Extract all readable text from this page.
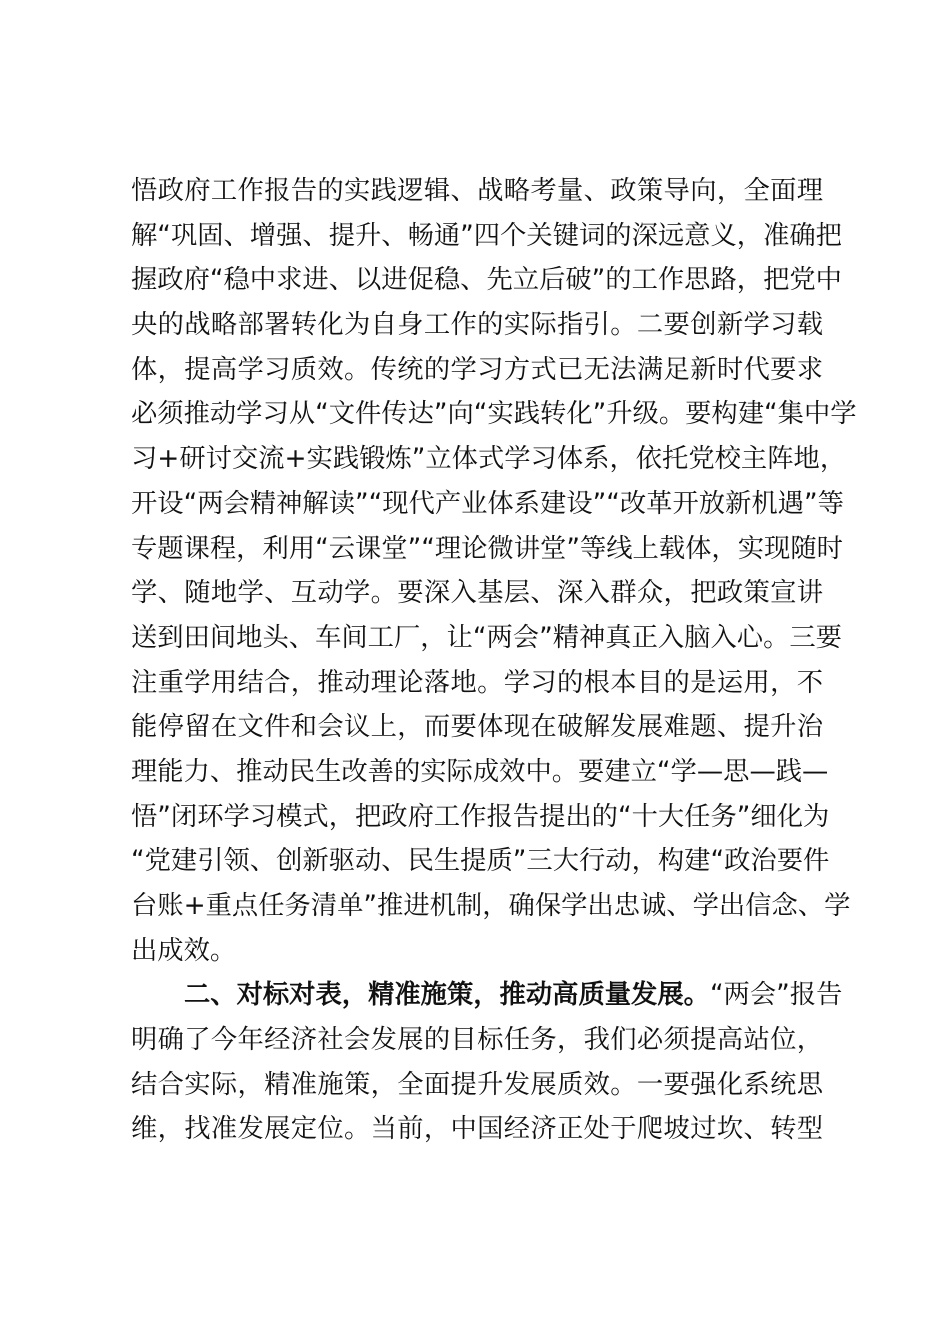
悟政府工作报告的实践逻辑、战略考量、政策导向，全面理
解“巩固、增强、提升、畅通”四个关键词的深远意义，准确把
握政府“稳中求进、以进促稳、先立后破”的工作思路，把党中
央的战略部署转化为自身工作的实际指引。二要创新学习载
体，提高学习质效。传统的学习方式已无法满足新时代要求
必须推动学习从“文件传达”向“实践转化”升级。要构建“集中学
习+研讨交流+实践锻炼”立体式学习体系，依托党校主阵地，
开设“两会精神解读”“现代产业体系建设”“改革开放新机遇”等
专题课程，利用“云课堂”“理论微讲堂”等线上载体，实现随时
学、随地学、互动学。要深入基层、深入群众，把政策宣讲
送到田间地头、车间工厂，让“两会”精神真正入脑入心。三要
注重学用结合，推动理论落地。学习的根本目的是运用，不
能停留在文件和会议上，而要体现在破解发展难题、提升治
理能力、推动民生改善的实际成效中。要建立“学—思—践—
悟”闭环学习模式，把政府工作报告提出的“十大任务”细化为
“党建引领、创新驱动、民生提质”三大行动，构建“政治要件
台账+重点任务清单”推进机制，确保学出忠诚、学出信念、学
出成效。
二、对标对表，精准施策，推动高质量发展。“两会”报告
明确了今年经济社会发展的目标任务，我们必须提高站位，
结合实际，精准施策，全面提升发展质效。一要强化系统思
维，找准发展定位。当前，中国经济正处于爬坡过坎、转型
